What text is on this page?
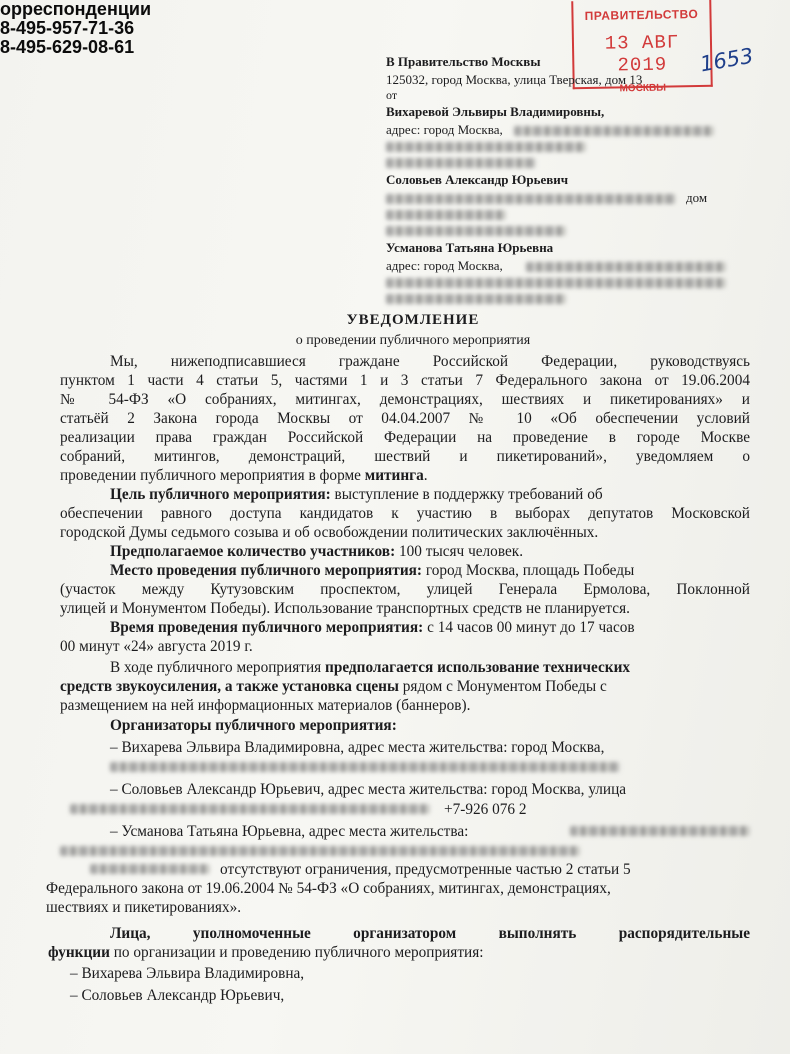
орреспонденции
8-495-957-71-36
8-495-629-08-61
ПРАВИТЕЛЬСТВО
13 АВГ 2019
МОСКВЫ
1653
В Правительство Москвы
125032, город Москва, улица Тверская, дом 13
от
Вихаревой Эльвиры Владимировны,
адрес: город Москва,
Соловьев Александр Юрьевич
дом
Усманова Татьяна Юрьевна
адрес: город Москва,
УВЕДОМЛЕНИЕ
о проведении публичного мероприятия
Мы, нижеподписавшиеся граждане Российской Федерации, руководствуясь
пунктом 1 части 4 статьи 5, частями 1 и 3 статьи 7 Федерального закона от 19.06.2004
№ 54-ФЗ «О собраниях, митингах, демонстрациях, шествиях и пикетированиях» и
статьёй 2 Закона города Москвы от 04.04.2007 № 10 «Об обеспечении условий
реализации права граждан Российской Федерации на проведение в городе Москве
собраний, митингов, демонстраций, шествий и пикетирований», уведомляем о
проведении публичного мероприятия в форме митинга.
Цель публичного мероприятия: выступление в поддержку требований об
обеспечении равного доступа кандидатов к участию в выборах депутатов Московской
городской Думы седьмого созыва и об освобождении политических заключённых.
Предполагаемое количество участников: 100 тысяч человек.
Место проведения публичного мероприятия: город Москва, площадь Победы
(участок между Кутузовским проспектом, улицей Генерала Ермолова, Поклонной
улицей и Монументом Победы). Использование транспортных средств не планируется.
Время проведения публичного мероприятия: с 14 часов 00 минут до 17 часов
00 минут «24» августа 2019 г.
В ходе публичного мероприятия предполагается использование технических
средств звукоусиления, а также установка сцены рядом с Монументом Победы с
размещением на ней информационных материалов (баннеров).
Организаторы публичного мероприятия:
– Вихарева Эльвира Владимировна, адрес места жительства: город Москва,
– Соловьев Александр Юрьевич, адрес места жительства: город Москва, улица
+7-926 076 2
– Усманова Татьяна Юрьевна, адрес места жительства:
отсутствуют ограничения, предусмотренные частью 2 статьи 5
Федерального закона от 19.06.2004 № 54-ФЗ «О собраниях, митингах, демонстрациях,
шествиях и пикетированиях».
Лица, уполномоченные организатором выполнять распорядительные
функции по организации и проведению публичного мероприятия:
– Вихарева Эльвира Владимировна,
– Соловьев Александр Юрьевич,
